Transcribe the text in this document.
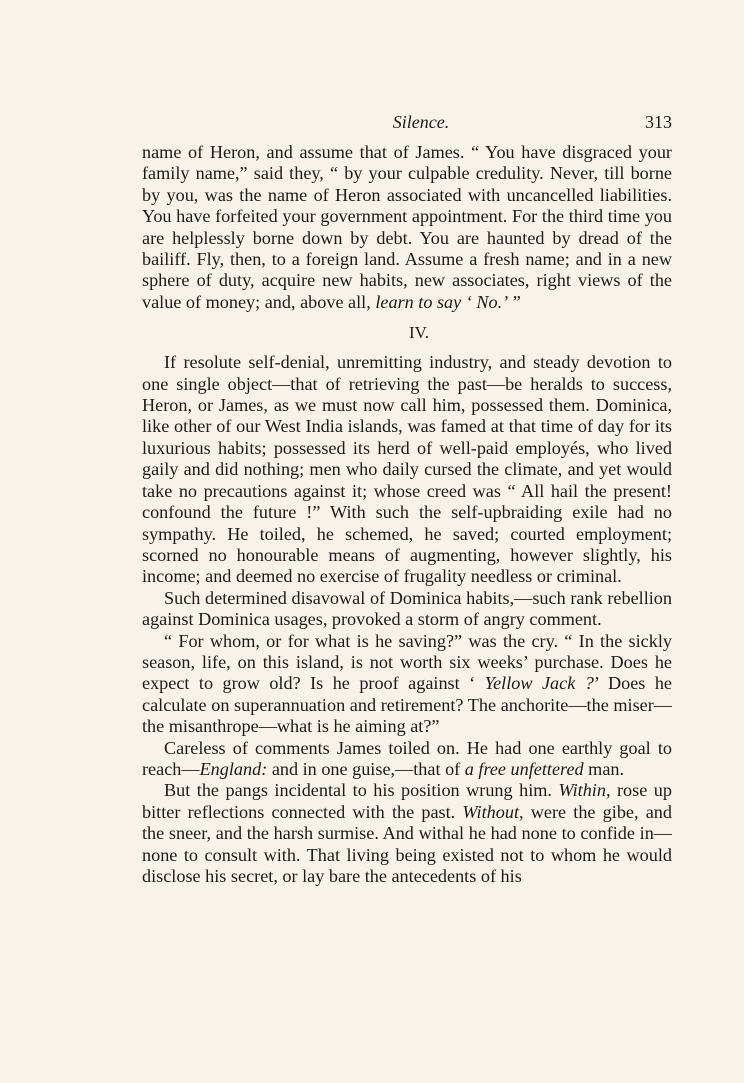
Silence.	313

name of Heron, and assume that of James. “ You have disgraced your family name,” said they, “ by your culpable credulity. Never, till borne by you, was the name of Heron associated with uncancelled liabilities. You have forfeited your government appointment. For the third time you are helplessly borne down by debt. You are haunted by dread of the bailiff. Fly, then, to a foreign land. Assume a fresh name; and in a new sphere of duty, acquire new habits, new associates, right views of the value of money; and, above all, learn to say ‘ No.’ ”

IV.

If resolute self-denial, unremitting industry, and steady devotion to one single object—that of retrieving the past—be heralds to success, Heron, or James, as we must now call him, possessed them. Dominica, like other of our West India islands, was famed at that time of day for its luxurious habits; possessed its herd of well-paid employés, who lived gaily and did nothing; men who daily cursed the climate, and yet would take no precautions against it; whose creed was “ All hail the present! confound the future !” With such the self-upbraiding exile had no sympathy. He toiled, he schemed, he saved; courted employment; scorned no honourable means of augmenting, however slightly, his income; and deemed no exercise of frugality needless or criminal.

Such determined disavowal of Dominica habits,—such rank rebellion against Dominica usages, provoked a storm of angry comment.

“ For whom, or for what is he saving?” was the cry. “ In the sickly season, life, on this island, is not worth six weeks’ purchase. Does he expect to grow old? Is he proof against ‘ Yellow Jack ?’ Does he calculate on superannuation and retirement? The anchorite—the miser—the misanthrope—what is he aiming at?”

Careless of comments James toiled on. He had one earthly goal to reach—England: and in one guise,—that of a free unfettered man.

But the pangs incidental to his position wrung him. Within, rose up bitter reflections connected with the past. Without, were the gibe, and the sneer, and the harsh surmise. And withal he had none to confide in—none to consult with. That living being existed not to whom he would disclose his secret, or lay bare the antecedents of his
